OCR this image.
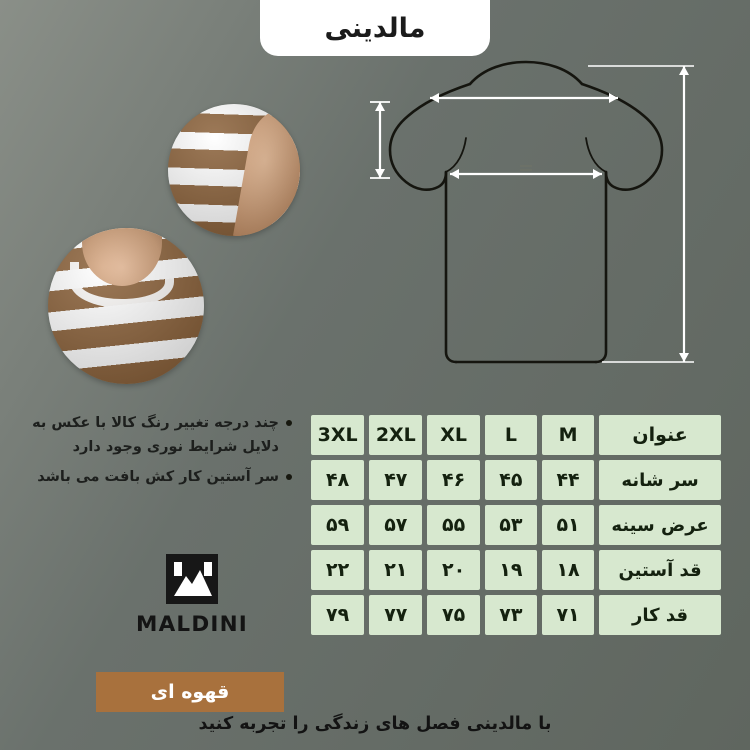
مالدینی
چند درجه تغییر رنگ کالا با عکس به دلایل شرایط نوری وجود دارد
سر آستین کار کش بافت می باشد
MALDINI
قهوه ای
عنوان	M	L	XL	2XL	3XL
سر شانه	۴۴	۴۵	۴۶	۴۷	۴۸
عرض سینه	۵۱	۵۳	۵۵	۵۷	۵۹
قد آستین	۱۸	۱۹	۲۰	۲۱	۲۲
قد کار	۷۱	۷۳	۷۵	۷۷	۷۹
با مالدینی فصل های زندگی را تجربه کنید
